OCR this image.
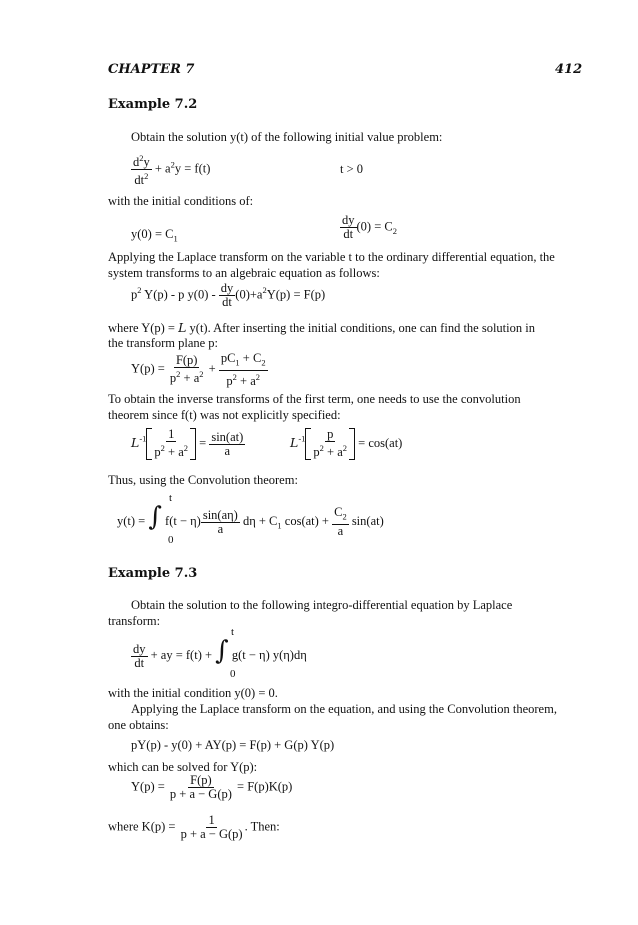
CHAPTER 7	412
Example 7.2
Obtain the solution y(t) of the following initial value problem:
$\frac{d^2y}{dt^2} + a^2y = f(t)$	t > 0
with the initial conditions of:
$y(0) = C_1$	$\frac{dy}{dt} (0) = C_2$
Applying the Laplace transform on the variable t to the ordinary differential equation, the
system transforms to an algebraic equation as follows:
$p^2$ Y(p) - p $y(0) - \frac{dy}{dt} (0)+a^2Y(p) = F(p)$
where Y(p) = L y(t). After inserting the initial conditions, one can find the solution in
the transform plane p:
$Y(p) = \frac{F(p)}{p^2 + a^2} + \frac{pC_1 + C_2}{p^2 + a^2}$
To obtain the inverse transforms of the first term, one needs to use the convolution
theorem since f(t) was not explicitly specified:
$L^{-1} \frac{1}{p^2 + a^2} = \frac{\sin(at)}{a}$	$L^{-1} \frac{p}{p^2 + a^2} = \cos(at)$
Thus, using the Convolution theorem:
t
0
y(t) = ∫ $f(t - \eta) \frac{\sin(a\eta)}{a}$ $d\eta + C_1$ $\cos(at) + \frac{C_2}{a} \sin(at)$
Example 7.3
Obtain the solution to the following integro-differential equation by Laplace
transform:
t
0
$\frac{dy}{dt}$ + ay = f(t) + ∫ g(t − η) y(η)dη
with the initial condition y(0) = 0.
Applying the Laplace transform on the equation, and using the Convolution theorem,
one obtains:
pY(p) - y(0) + AY(p) = F(p) + G(p) Y(p)
which can be solved for Y(p):
$Y(p) = \frac{F(p)}{p + a - G(p)} = F(p)K(p)$
where $K(p) = \frac{1}{p + a - G(p)}$ . Then:
